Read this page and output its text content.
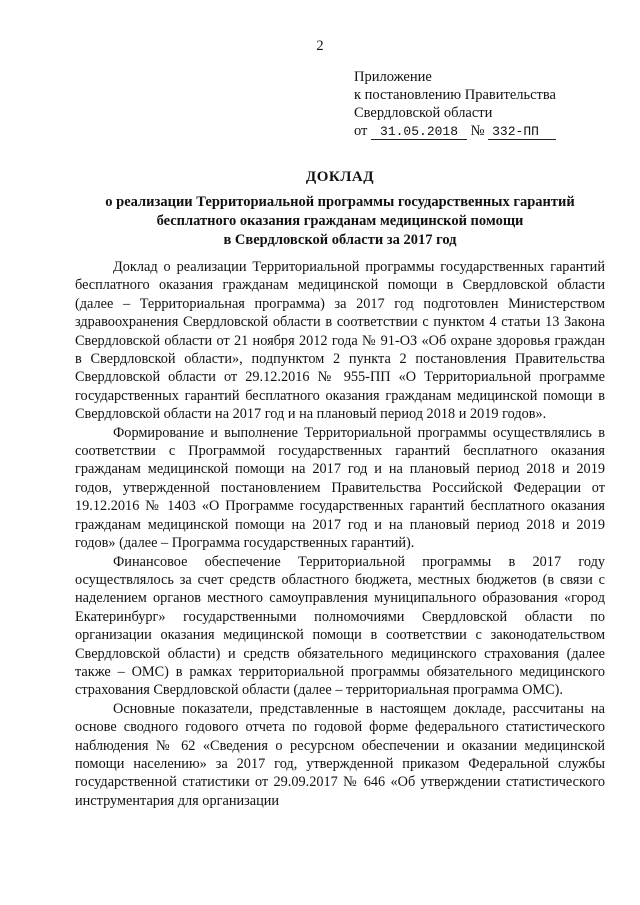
2
Приложение
к постановлению Правительства
Свердловской области
от 31.05.2018 № 332-ПП
ДОКЛАД
о реализации Территориальной программы государственных гарантий
бесплатного оказания гражданам медицинской помощи
в Свердловской области за 2017 год

Доклад о реализации Территориальной программы государственных гарантий бесплатного оказания гражданам медицинской помощи в Свердловской области (далее – Территориальная программа) за 2017 год подготовлен Министерством здравоохранения Свердловской области в соответствии с пунктом 4 статьи 13 Закона Свердловской области от 21 ноября 2012 года № 91-ОЗ «Об охране здоровья граждан в Свердловской области», подпунктом 2 пункта 2 постановления Правительства Свердловской области от 29.12.2016 № 955-ПП «О Территориальной программе государственных гарантий бесплатного оказания гражданам медицинской помощи в Свердловской области на 2017 год и на плановый период 2018 и 2019 годов».

Формирование и выполнение Территориальной программы осуществлялись в соответствии с Программой государственных гарантий бесплатного оказания гражданам медицинской помощи на 2017 год и на плановый период 2018 и 2019 годов, утвержденной постановлением Правительства Российской Федерации от 19.12.2016 № 1403 «О Программе государственных гарантий бесплатного оказания гражданам медицинской помощи на 2017 год и на плановый период 2018 и 2019 годов» (далее – Программа государственных гарантий).

Финансовое обеспечение Территориальной программы в 2017 году осуществлялось за счет средств областного бюджета, местных бюджетов (в связи с наделением органов местного самоуправления муниципального образования «город Екатеринбург» государственными полномочиями Свердловской области по организации оказания медицинской помощи в соответствии с законодательством Свердловской области) и средств обязательного медицинского страхования (далее также – ОМС) в рамках территориальной программы обязательного медицинского страхования Свердловской области (далее – территориальная программа ОМС).

Основные показатели, представленные в настоящем докладе, рассчитаны на основе сводного годового отчета по годовой форме федерального статистического наблюдения № 62 «Сведения о ресурсном обеспечении и оказании медицинской помощи населению» за 2017 год, утвержденной приказом Федеральной службы государственной статистики от 29.09.2017 № 646 «Об утверждении статистического инструментария для организации
